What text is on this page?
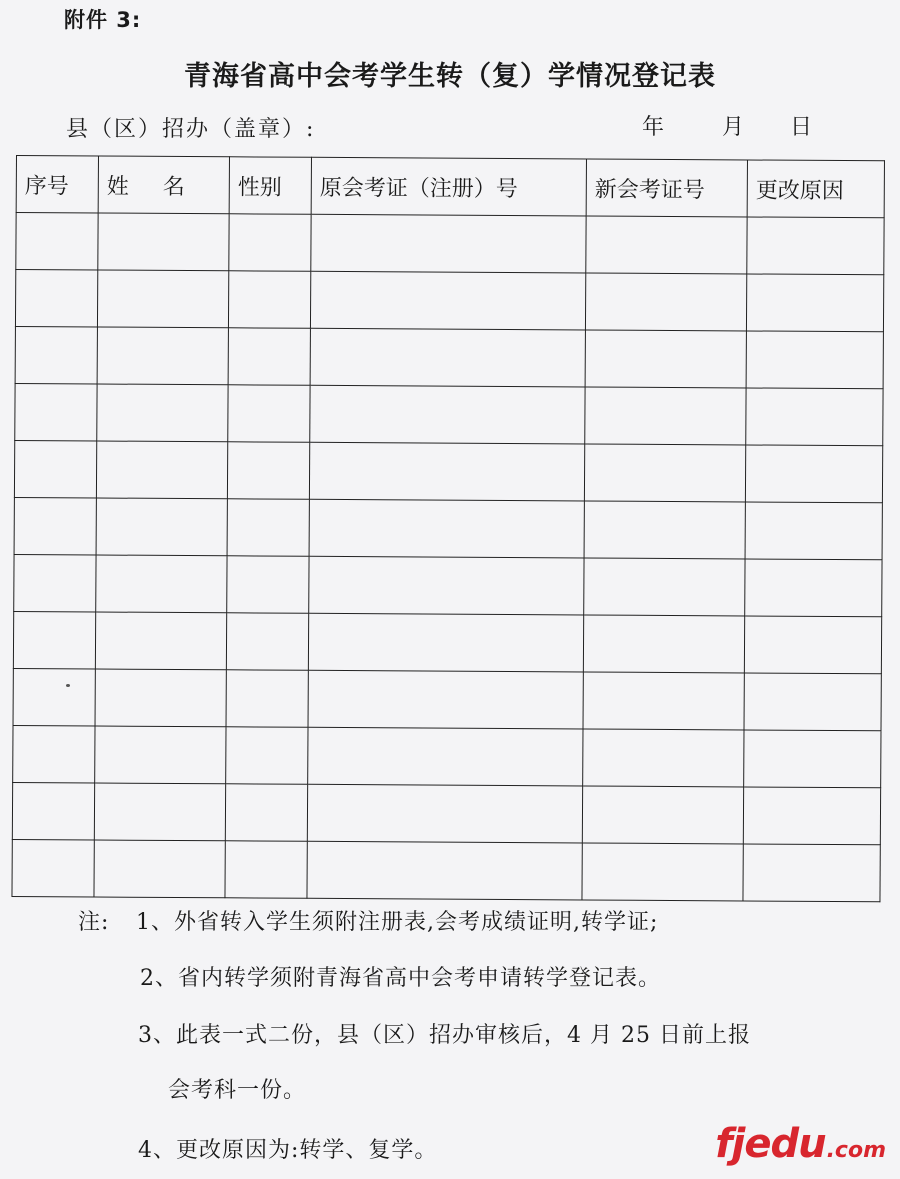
附件 3:
青海省高中会考学生转（复）学情况登记表
县（区）招办（盖章）:	年	月 日
序号	姓 名	性别	原会考证（注册）号	新会考证号	更改原因

注: 1、外省转入学生须附注册表,会考成绩证明,转学证;
2、省内转学须附青海省高中会考申请转学登记表。
3、此表一式二份，县（区）招办审核后，4 月 25 日前上报
会考科一份。
4、更改原因为:转学、复学。	fjedu .com
